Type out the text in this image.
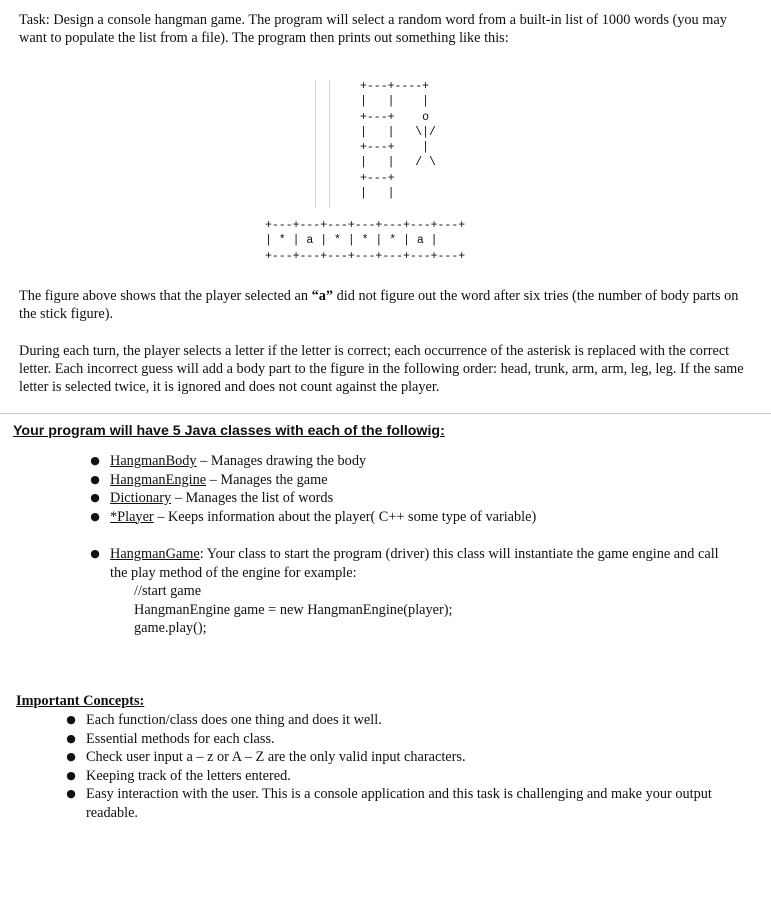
Task: Design a console hangman game. The program will select a random word from a built-in list of 1000 words (you may want to populate the list from a file). The program then prints out something like this:

+---+----+
|   |    |
+---+    o
|   |   \|/
+---+    |
|   |   / \
+---+
|   |
+---+---+---+---+---+---+---+
| * | a | * | * | * | a |
+---+---+---+---+---+---+---+

The figure above shows that the player selected an “a” did not figure out the word after six tries (the number of body parts on the stick figure).

During each turn, the player selects a letter if the letter is correct; each occurrence of the asterisk is replaced with the correct letter. Each incorrect guess will add a body part to the figure in the following order: head, trunk, arm, arm, leg, leg. If the same letter is selected twice, it is ignored and does not count against the player.

Your program will have 5 Java classes with each of the followig:
● HangmanBody – Manages drawing the body
● HangmanEngine – Manages the game
● Dictionary – Manages the list of words
● *Player – Keeps information about the player( C++ some type of variable)
● HangmanGame: Your class to start the program (driver) this class will instantiate the game engine and call the play method of the engine for example:
//start game
HangmanEngine game = new HangmanEngine(player);
game.play();
Important Concepts:
● Each function/class does one thing and does it well.
● Essential methods for each class.
● Check user input a – z or A – Z are the only valid input characters.
● Keeping track of the letters entered.
● Easy interaction with the user. This is a console application and this task is challenging and make your output readable.
